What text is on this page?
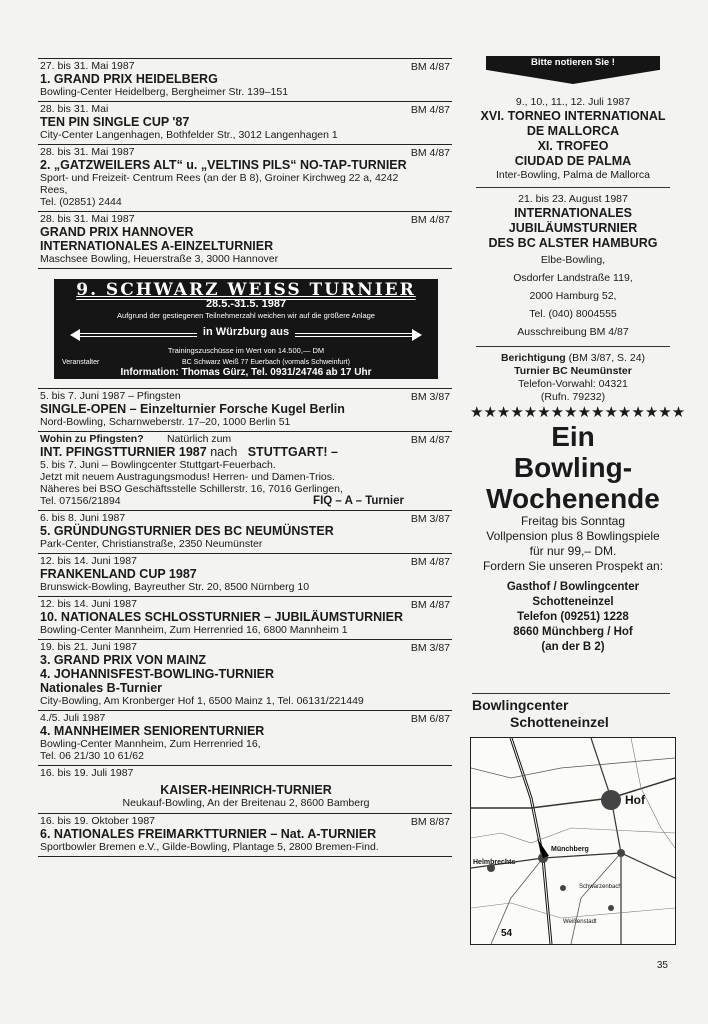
27. bis 31. Mai 1987	BM 4/87
1. GRAND PRIX HEIDELBERG
Bowling-Center Heidelberg, Bergheimer Str. 139–151
28. bis 31. Mai	BM 4/87
TEN PIN SINGLE CUP '87
City-Center Langenhagen, Bothfelder Str., 3012 Langenhagen 1
28. bis 31. Mai 1987	BM 4/87
2. „GATZWEILERS ALT“ u. „VELTINS PILS“ NO-TAP-TURNIER
Sport- und Freizeit- Centrum Rees (an der B 8), Groiner Kirchweg 22 a, 4242
Rees,
Tel. (02851) 2444
28. bis 31. Mai 1987	BM 4/87
GRAND PRIX HANNOVER
INTERNATIONALES A-EINZELTURNIER
Maschsee Bowling, Heuerstraße 3, 3000 Hannover
9. SCHWARZ WEISS TURNIER
28.5.-31.5. 1987
Aufgrund der gestiegenen Teilnehmerzahl weichen wir auf die größere Anlage
in Würzburg aus
Trainingszuschüsse im Wert von 14.500,— DM
Veranstalter	BC Schwarz Weiß 77 Euerbach (vormals Schweinfurt)
Information: Thomas Gürz, Tel. 0931/24746 ab 17 Uhr
5. bis 7. Juni 1987 – Pfingsten	BM 3/87
SINGLE-OPEN – Einzelturnier Forsche Kugel Berlin
Nord-Bowling, Scharnweberstr. 17–20, 1000 Berlin 51
Wohin zu Pfingsten? Natürlich zum	BM 4/87
INT. PFINGSTTURNIER 1987 nach STUTTGART! –
5. bis 7. Juni – Bowlingcenter Stuttgart-Feuerbach.
Jetzt mit neuem Austragungsmodus! Herren- und Damen-Trios.
Näheres bei BSO Geschäftsstelle Schillerstr. 16, 7016 Gerlingen,
Tel. 07156/21894	FIQ – A – Turnier
6. bis 8. Juni 1987	BM 3/87
5. GRÜNDUNGSTURNIER DES BC NEUMÜNSTER
Park-Center, Christianstraße, 2350 Neumünster
12. bis 14. Juni 1987	BM 4/87
FRANKENLAND CUP 1987
Brunswick-Bowling, Bayreuther Str. 20, 8500 Nürnberg 10
12. bis 14. Juni 1987	BM 4/87
10. NATIONALES SCHLOSSTURNIER – JUBILÄUMSTURNIER
Bowling-Center Mannheim, Zum Herrenried 16, 6800 Mannheim 1
19. bis 21. Juni 1987	BM 3/87
3. GRAND PRIX VON MAINZ
4. JOHANNISFEST-BOWLING-TURNIER
Nationales B-Turnier
City-Bowling, Am Kronberger Hof 1, 6500 Mainz 1, Tel. 06131/221449
4./5. Juli 1987	BM 6/87
4. MANNHEIMER SENIORENTURNIER
Bowling-Center Mannheim, Zum Herrenried 16,
Tel. 06 21/30 10 61/62
16. bis 19. Juli 1987
KAISER-HEINRICH-TURNIER
Neukauf-Bowling, An der Breitenau 2, 8600 Bamberg
16. bis 19. Oktober 1987	BM 8/87
6. NATIONALES FREIMARKTTURNIER – Nat. A-TURNIER
Sportbowler Bremen e.V., Gilde-Bowling, Plantage 5, 2800 Bremen-Find.
Bitte notieren Sie !
9., 10., 11., 12. Juli 1987
XVI. TORNEO INTERNATIONAL
DE MALLORCA
XI. TROFEO
CIUDAD DE PALMA
Inter-Bowling, Palma de Mallorca
21. bis 23. August 1987
INTERNATIONALES
JUBILÄUMSTURNIER
DES BC ALSTER HAMBURG
Elbe-Bowling,
Osdorfer Landstraße 119,
2000 Hamburg 52,
Tel. (040) 8004555
Ausschreibung BM 4/87
Berichtigung (BM 3/87, S. 24)
Turnier BC Neumünster
Telefon-Vorwahl: 04321
(Rufn. 79232)
★★★★★★★★★★★★★★★★
Ein
Bowling-
Wochenende
Freitag bis Sonntag
Vollpension plus 8 Bowlingspiele
für nur 99,– DM.
Fordern Sie unseren Prospekt an:
Gasthof / Bowlingcenter
Schotteneinzel
Telefon (09251) 1228
8660 Münchberg / Hof
(an der B 2)
Bowlingcenter
Schotteneinzel
Hof
Helmbrechts
Münchberg
Schwarzenbach
Weißenstadt
54
35
